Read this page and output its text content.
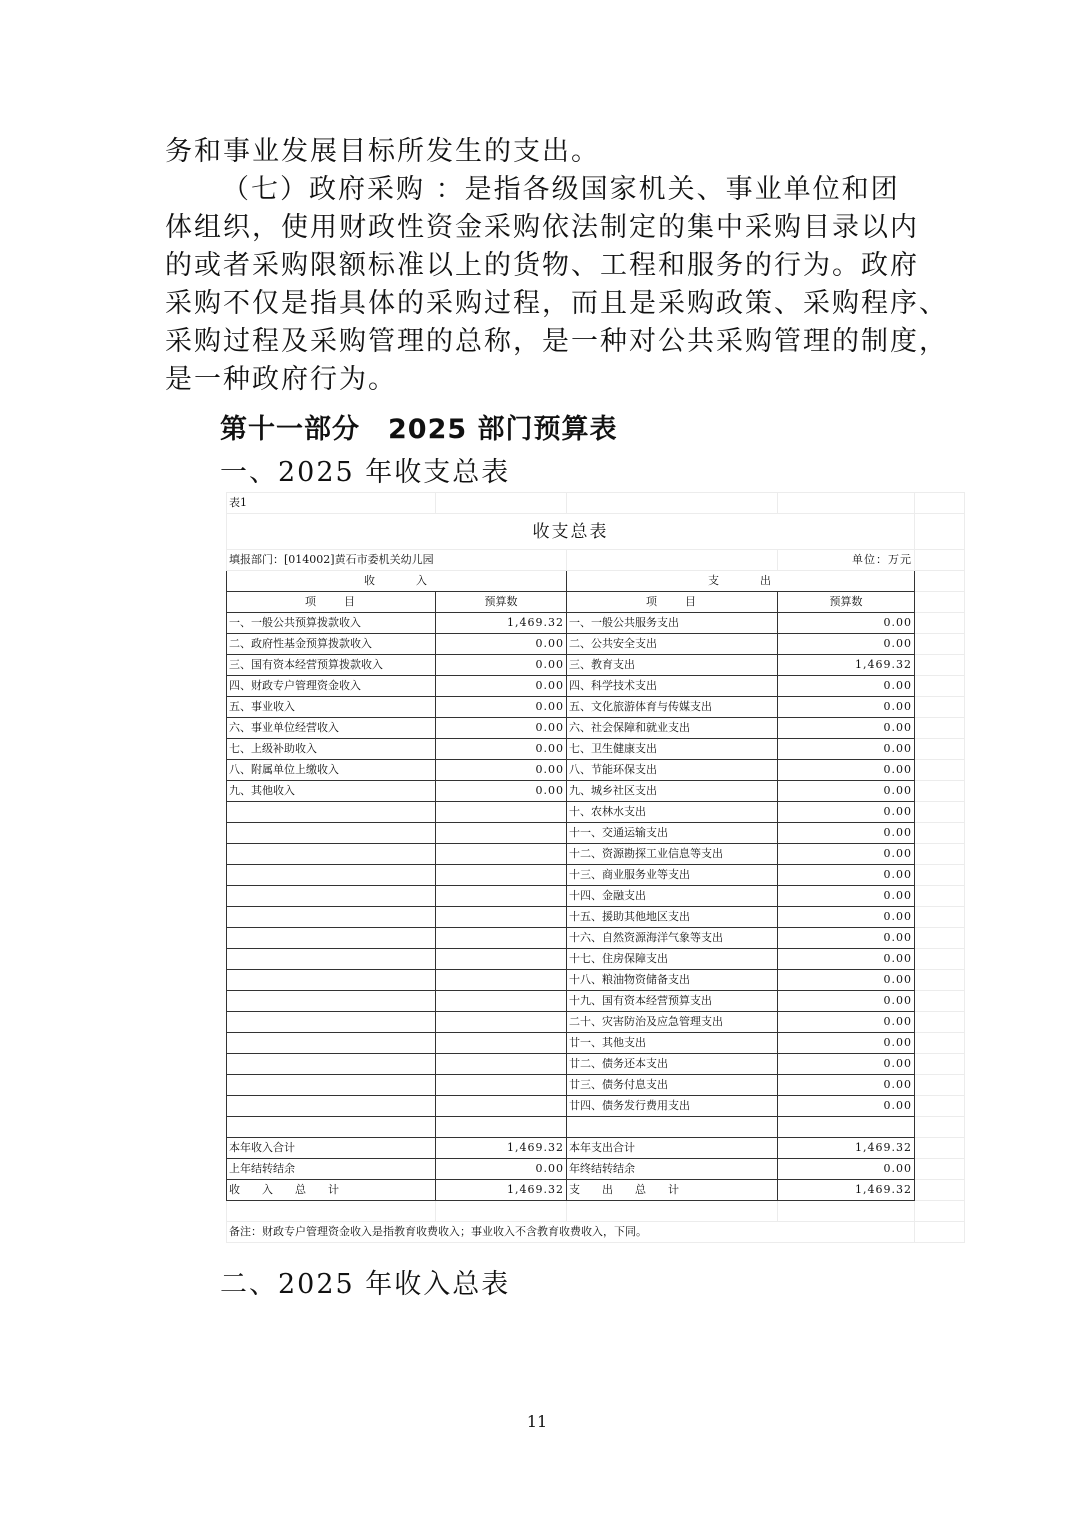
务和事业发展目标所发生的支出。
（七）政府采购 ：是指各级国家机关、事业单位和团
体组织，使用财政性资金采购依法制定的集中采购目录以内
的或者采购限额标准以上的货物、工程和服务的行为。政府
采购不仅是指具体的采购过程，而且是采购政策、采购程序、
采购过程及采购管理的总称，是一种对公共采购管理的制度，
是一种政府行为。
第十一部分　2025 部门预算表
一、2025 年收支总表
表1				
收支总表				
填报部门：[014002]黄石市委机关幼儿园			单位：万元	
收　　　入		支　　　出		
项　　目	预算数	项　　目	预算数	
一、一般公共预算拨款收入	1,469.32	一、一般公共服务支出	0.00	
二、政府性基金预算拨款收入	0.00	二、公共安全支出	0.00	
三、国有资本经营预算拨款收入	0.00	三、教育支出	1,469.32	
四、财政专户管理资金收入	0.00	四、科学技术支出	0.00	
五、事业收入	0.00	五、文化旅游体育与传媒支出	0.00	
六、事业单位经营收入	0.00	六、社会保障和就业支出	0.00	
七、上级补助收入	0.00	七、卫生健康支出	0.00	
八、附属单位上缴收入	0.00	八、节能环保支出	0.00	
九、其他收入	0.00	九、城乡社区支出	0.00	
		十、农林水支出	0.00	
		十一、交通运输支出	0.00	
		十二、资源勘探工业信息等支出	0.00	
		十三、商业服务业等支出	0.00	
		十四、金融支出	0.00	
		十五、援助其他地区支出	0.00	
		十六、自然资源海洋气象等支出	0.00	
		十七、住房保障支出	0.00	
		十八、粮油物资储备支出	0.00	
		十九、国有资本经营预算支出	0.00	
		二十、灾害防治及应急管理支出	0.00	
		廿一、其他支出	0.00	
		廿二、债务还本支出	0.00	
		廿三、债务付息支出	0.00	
		廿四、债务发行费用支出	0.00	

本年收入合计	1,469.32	本年支出合计	1,469.32	
上年结转结余	0.00	年终结转结余	0.00	
收　　入　　总　　计	1,469.32	支　　出　　总　　计	1,469.32	

备注：财政专户管理资金收入是指教育收费收入；事业收入不含教育收费收入，下同。				
二、2025 年收入总表
11
